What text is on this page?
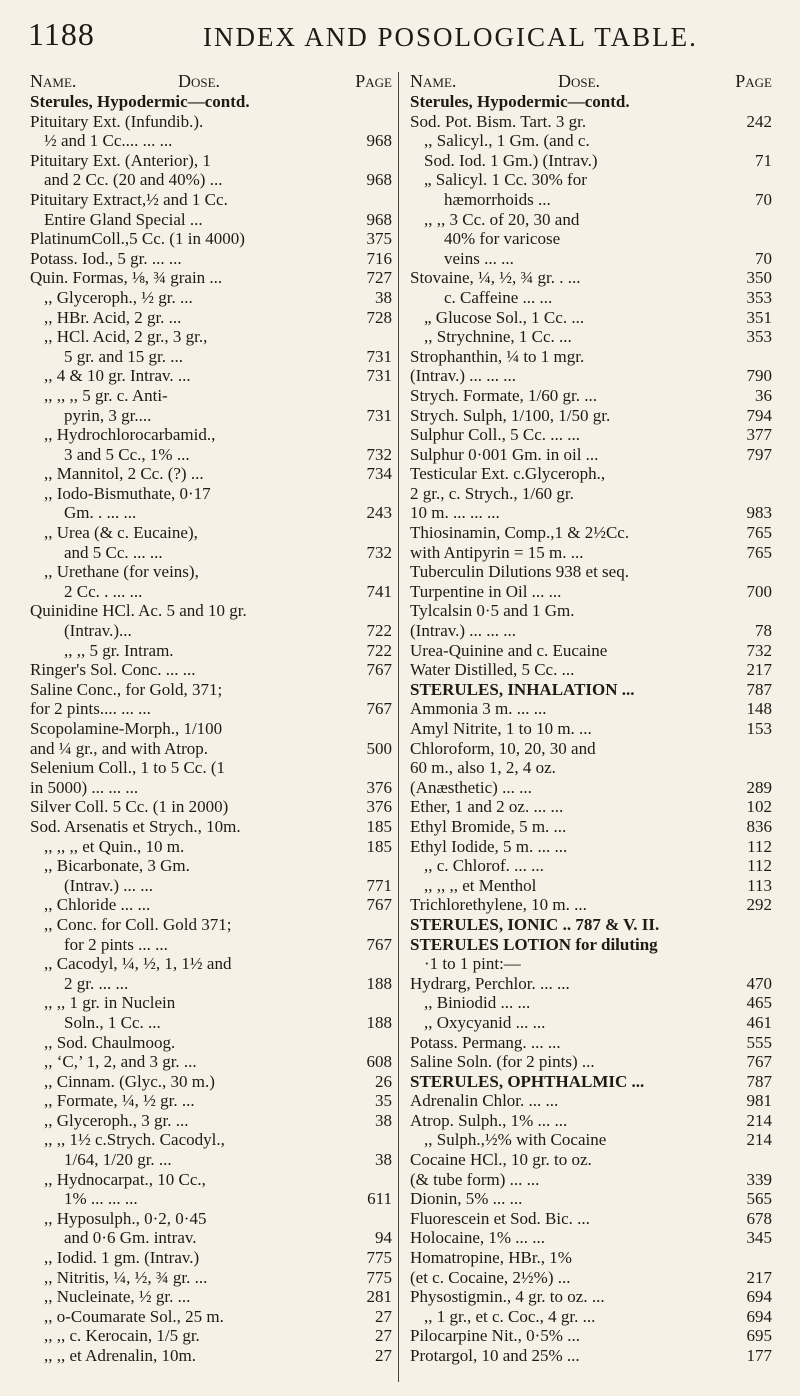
1188	INDEX AND POSOLOGICAL TABLE.
Name.	Dose.	Page
Sterules, Hypodermic—contd.
Pituitary Ext. (Infundib.).
½ and 1 Cc.... ... ...	968
Pituitary Ext. (Anterior), 1
and 2 Cc. (20 and 40%) ...	968
Pituitary Extract,½ and 1 Cc.
Entire Gland Special ...	968
PlatinumColl.,5 Cc. (1 in 4000)	375
Potass. Iod., 5 gr. ... ...	716
Quin. Formas, ⅛, ¾ grain ...	727
,, Glyceroph., ½ gr. ...	38
,, HBr. Acid, 2 gr. ...	728
,, HCl. Acid, 2 gr., 3 gr.,
5 gr. and 15 gr. ...	731
,, 4 & 10 gr. Intrav. ...	731
,, ,, ,, 5 gr. c. Anti-
pyrin, 3 gr....	731
,, Hydrochlorocarbamid.,
3 and 5 Cc., 1% ...	732
,, Mannitol, 2 Cc. (?) ...	734
,, Iodo-Bismuthate, 0·17
Gm. . ... ...	243
,, Urea (& c. Eucaine),
and 5 Cc. ... ...	732
,, Urethane (for veins),
2 Cc. . ... ...	741
Quinidine HCl. Ac. 5 and 10 gr.
(Intrav.)...	722
,, ,, 5 gr. Intram.	722
Ringer's Sol. Conc. ... ...	767
Saline Conc., for Gold, 371;
for 2 pints.... ... ...	767
Scopolamine-Morph., 1/100
and ¼ gr., and with Atrop.	500
Selenium Coll., 1 to 5 Cc. (1
in 5000) ... ... ...	376
Silver Coll. 5 Cc. (1 in 2000)	376
Sod. Arsenatis et Strych., 10m.	185
,, ,, ,, et Quin., 10 m.	185
,, Bicarbonate, 3 Gm.
(Intrav.) ... ...	771
,, Chloride ... ...	767
,, Conc. for Coll. Gold 371;
for 2 pints ... ...	767
,, Cacodyl, ¼, ½, 1, 1½ and
2 gr. ... ...	188
,, ,, 1 gr. in Nuclein
Soln., 1 Cc. ...	188
,, Sod. Chaulmoog.
,, ‘C,’ 1, 2, and 3 gr. ...	608
,, Cinnam. (Glyc., 30 m.)	26
,, Formate, ¼, ½ gr. ...	35
,, Glyceroph., 3 gr. ...	38
,, ,, 1½ c.Strych. Cacodyl.,
1/64, 1/20 gr. ...	38
,, Hydnocarpat., 10 Cc.,
1% ... ... ...	611
,, Hyposulph., 0·2, 0·45
and 0·6 Gm. intrav.	94
,, Iodid. 1 gm. (Intrav.)	775
,, Nitritis, ¼, ½, ¾ gr. ...	775
,, Nucleinate, ½ gr. ...	281
,, o-Coumarate Sol., 25 m.	27
,, ,, c. Kerocain, 1/5 gr.	27
,, ,, et Adrenalin, 10m.	27
Name.	Dose.	Page
Sterules, Hypodermic—contd.
Sod. Pot. Bism. Tart. 3 gr.	242
,, Salicyl., 1 Gm. (and c.
Sod. Iod. 1 Gm.) (Intrav.)	71
„ Salicyl. 1 Cc. 30% for
hæmorrhoids ...	70
,, ,, 3 Cc. of 20, 30 and
40% for varicose
veins ... ...	70
Stovaine, ¼, ½, ¾ gr. . ...	350
c. Caffeine ... ...	353
„ Glucose Sol., 1 Cc. ...	351
,, Strychnine, 1 Cc. ...	353
Strophanthin, ¼ to 1 mgr.
(Intrav.) ... ... ...	790
Strych. Formate, 1/60 gr. ...	36
Strych. Sulph, 1/100, 1/50 gr.	794
Sulphur Coll., 5 Cc. ... ...	377
Sulphur 0·001 Gm. in oil ...	797
Testicular Ext. c.Glyceroph.,
2 gr., c. Strych., 1/60 gr.
10 m. ... ... ...	983
Thiosinamin, Comp.,1 & 2½Cc.	765
with Antipyrin = 15 m. ...	765
Tuberculin Dilutions 938 et seq.
Turpentine in Oil ... ...	700
Tylcalsin 0·5 and 1 Gm.
(Intrav.) ... ... ...	78
Urea-Quinine and c. Eucaine	732
Water Distilled, 5 Cc. ...	217
STERULES, INHALATION ...	787
Ammonia 3 m. ... ...	148
Amyl Nitrite, 1 to 10 m. ...	153
Chloroform, 10, 20, 30 and
60 m., also 1, 2, 4 oz.
(Anæsthetic) ... ...	289
Ether, 1 and 2 oz. ... ...	102
Ethyl Bromide, 5 m. ...	836
Ethyl Iodide, 5 m. ... ...	112
,, c. Chlorof. ... ...	112
,, ,, ,, et Menthol	113
Trichlorethylene, 10 m. ...	292
STERULES, IONIC .. 787 & V. II.
STERULES LOTION for diluting
·1 to 1 pint:—
Hydrarg, Perchlor. ... ...	470
,, Biniodid ... ...	465
,, Oxycyanid ... ...	461
Potass. Permang. ... ...	555
Saline Soln. (for 2 pints) ...	767
STERULES, OPHTHALMIC ...	787
Adrenalin Chlor. ... ...	981
Atrop. Sulph., 1% ... ...	214
,, Sulph.,½% with Cocaine	214
Cocaine HCl., 10 gr. to oz.
(& tube form) ... ...	339
Dionin, 5% ... ...	565
Fluorescein et Sod. Bic. ...	678
Holocaine, 1% ... ...	345
Homatropine, HBr., 1%
(et c. Cocaine, 2½%) ...	217
Physostigmin., 4 gr. to oz. ...	694
,, 1 gr., et c. Coc., 4 gr. ...	694
Pilocarpine Nit., 0·5% ...	695
Protargol, 10 and 25% ...	177
